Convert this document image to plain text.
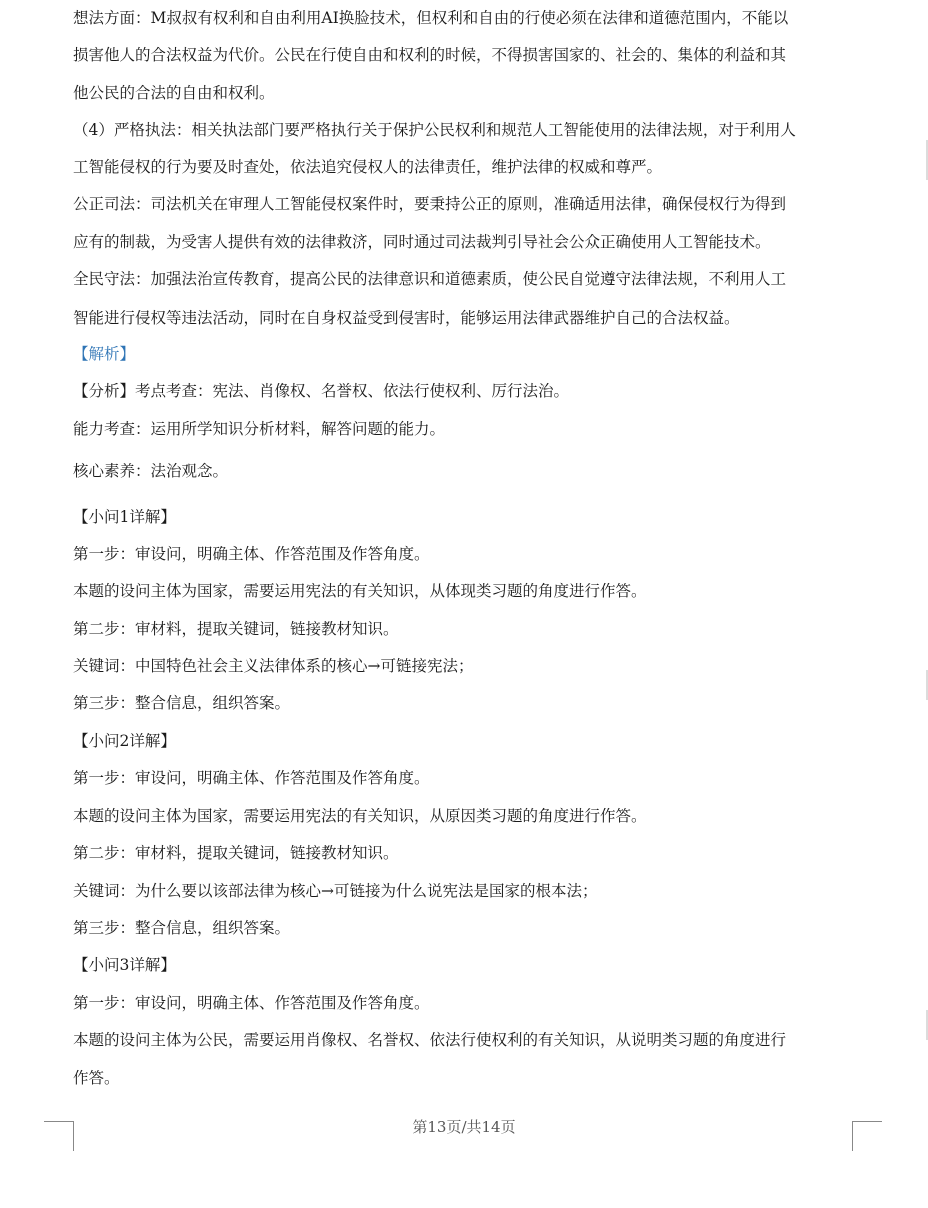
想法方面：M叔叔有权利和自由利用AI换脸技术，但权利和自由的行使必须在法律和道德范围内，不能以
损害他人的合法权益为代价。公民在行使自由和权利的时候，不得损害国家的、社会的、集体的利益和其
他公民的合法的自由和权利。
（4）严格执法：相关执法部门要严格执行关于保护公民权利和规范人工智能使用的法律法规，对于利用人
工智能侵权的行为要及时查处，依法追究侵权人的法律责任，维护法律的权威和尊严。
公正司法：司法机关在审理人工智能侵权案件时，要秉持公正的原则，准确适用法律，确保侵权行为得到
应有的制裁，为受害人提供有效的法律救济，同时通过司法裁判引导社会公众正确使用人工智能技术。
全民守法：加强法治宣传教育，提高公民的法律意识和道德素质，使公民自觉遵守法律法规，不利用人工
智能进行侵权等违法活动，同时在自身权益受到侵害时，能够运用法律武器维护自己的合法权益。
【解析】
【分析】考点考查：宪法、肖像权、名誉权、依法行使权利、厉行法治。
能力考查：运用所学知识分析材料，解答问题的能力。
核心素养：法治观念。
【小问1详解】
第一步：审设问，明确主体、作答范围及作答角度。
本题的设问主体为国家，需要运用宪法的有关知识，从体现类习题的角度进行作答。
第二步：审材料，提取关键词，链接教材知识。
关键词：中国特色社会主义法律体系的核心→可链接宪法；
第三步：整合信息，组织答案。
【小问2详解】
第一步：审设问，明确主体、作答范围及作答角度。
本题的设问主体为国家，需要运用宪法的有关知识，从原因类习题的角度进行作答。
第二步：审材料，提取关键词，链接教材知识。
关键词：为什么要以该部法律为核心→可链接为什么说宪法是国家的根本法；
第三步：整合信息，组织答案。
【小问3详解】
第一步：审设问，明确主体、作答范围及作答角度。
本题的设问主体为公民，需要运用肖像权、名誉权、依法行使权利的有关知识，从说明类习题的角度进行
作答。
第13页/共14页
